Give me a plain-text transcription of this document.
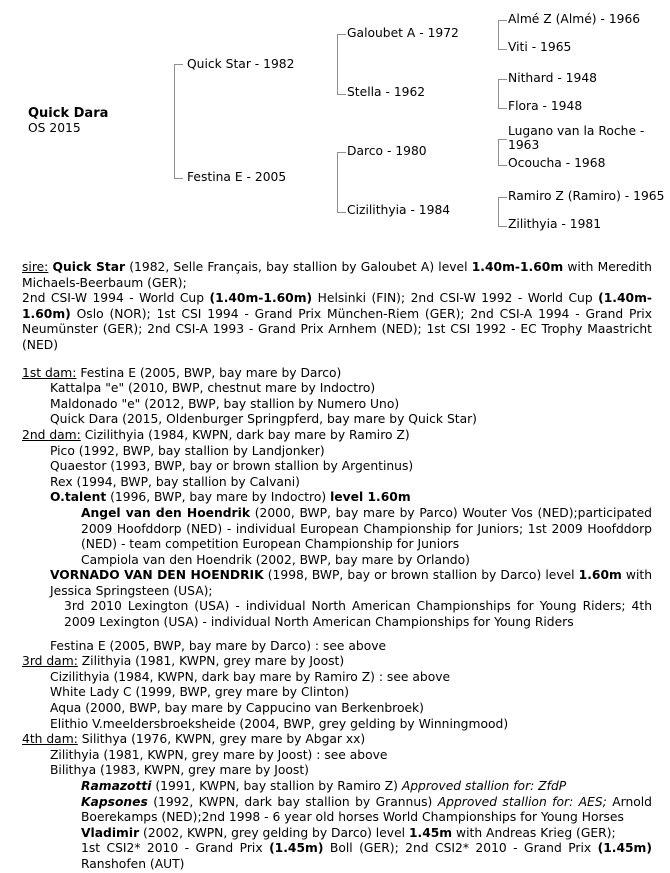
Quick Dara
OS 2015
Quick Star - 1982
Festina E - 2005
Galoubet A - 1972
Stella - 1962
Darco - 1980
Cizilithyia - 1984
Almé Z (Almé) - 1966
Viti - 1965
Nithard - 1948
Flora - 1948
Lugano van la Roche - 1963
Ocoucha - 1968
Ramiro Z (Ramiro) - 1965
Zilithyia - 1981

sire: Quick Star (1982, Selle Français, bay stallion by Galoubet A) level 1.40m-1.60m with Meredith Michaels-Beerbaum (GER);

2nd CSI-W 1994 - World Cup (1.40m-1.60m) Helsinki (FIN); 2nd CSI-W 1992 - World Cup (1.40m-1.60m) Oslo (NOR); 1st CSI 1994 - Grand Prix München-Riem (GER); 2nd CSI-A 1994 - Grand Prix Neumünster (GER); 2nd CSI-A 1993 - Grand Prix Arnhem (NED); 1st CSI 1992 - EC Trophy Maastricht (NED)

1st dam: Festina E (2005, BWP, bay mare by Darco)

Kattalpa "e" (2010, BWP, chestnut mare by Indoctro)

Maldonado "e" (2012, BWP, bay stallion by Numero Uno)

Quick Dara (2015, Oldenburger Springpferd, bay mare by Quick Star)

2nd dam: Cizilithyia (1984, KWPN, dark bay mare by Ramiro Z)

Pico (1992, BWP, bay stallion by Landjonker)

Quaestor (1993, BWP, bay or brown stallion by Argentinus)

Rex (1994, BWP, bay stallion by Calvani)

O.talent (1996, BWP, bay mare by Indoctro) level 1.60m

Angel van den Hoendrik (2000, BWP, bay mare by Parco) Wouter Vos (NED);participated 2009 Hoofddorp (NED) - individual European Championship for Juniors; 1st 2009 Hoofddorp (NED) - team competition European Championship for Juniors

Campiola van den Hoendrik (2002, BWP, bay mare by Orlando)

VORNADO VAN DEN HOENDRIK (1998, BWP, bay or brown stallion by Darco) level 1.60m with Jessica Springsteen (USA);

3rd 2010 Lexington (USA) - individual North American Championships for Young Riders; 4th 2009 Lexington (USA) - individual North American Championships for Young Riders

Festina E (2005, BWP, bay mare by Darco) : see above

3rd dam: Zilithyia (1981, KWPN, grey mare by Joost)

Cizilithyia (1984, KWPN, dark bay mare by Ramiro Z) : see above

White Lady C (1999, BWP, grey mare by Clinton)

Aqua (2000, BWP, bay mare by Cappucino van Berkenbroek)

Elithio V.meeldersbroeksheide (2004, BWP, grey gelding by Winningmood)

4th dam: Silithya (1976, KWPN, grey mare by Abgar xx)

Zilithyia (1981, KWPN, grey mare by Joost) : see above

Bilithya (1983, KWPN, grey mare by Joost)

Ramazotti (1991, KWPN, bay stallion by Ramiro Z) Approved stallion for: ZfdP

Kapsones (1992, KWPN, dark bay stallion by Grannus) Approved stallion for: AES; Arnold Boerekamps (NED);2nd 1998 - 6 year old horses World Championships for Young Horses

Vladimir (2002, KWPN, grey gelding by Darco) level 1.45m with Andreas Krieg (GER);

1st CSI2* 2010 - Grand Prix (1.45m) Boll (GER); 2nd CSI2* 2010 - Grand Prix (1.45m) Ranshofen (AUT)
